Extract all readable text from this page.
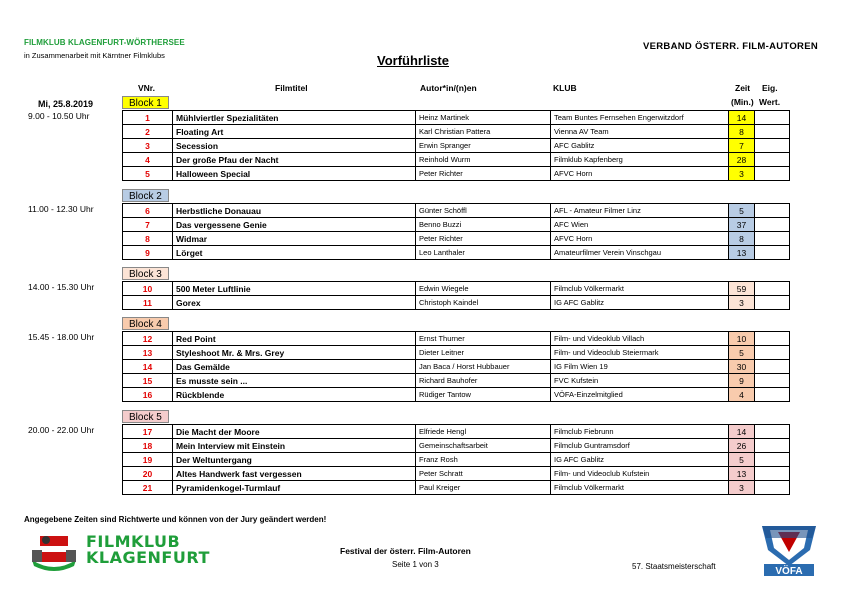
FILMKLUB KLAGENFURT-WÖRTHERSEE
in Zusammenarbeit mit Kärntner Filmklubs
VERBAND ÖSTERR. FILM-AUTOREN
Vorführliste
VNr.	Filmtitel	Autor*in/(n)en	KLUB	Zeit Eig.
(Min.) Wert.
Mi, 25.8.2019	Block 1
9.00 - 10.50 Uhr	1	Mühlviertler Spezialitäten	Heinz Martinek	Team Buntes Fernsehen Engerwitzdorf	14	
2	Floating Art	Karl Christian Pattera	Vienna AV Team	8	
3	Secession	Erwin Spranger	AFC Gablitz	7	
4	Der große Pfau der Nacht	Reinhold Wurm	Filmklub Kapfenberg	28	
5	Halloween Special	Peter Richter	AFVC Horn	3	
Block 2
11.00 - 12.30 Uhr	6	Herbstliche Donauau	Günter Schöffl	AFL - Amateur Filmer Linz	5	
7	Das vergessene Genie	Benno Buzzi	AFC Wien	37	
8	Widmar	Peter Richter	AFVC Horn	8	
9	Lörget	Leo Lanthaler	Amateurfilmer Verein Vinschgau	13	
Block 3
14.00 - 15.30 Uhr	10	500 Meter Luftlinie	Edwin Wiegele	Filmclub Völkermarkt	59	
11	Gorex	Christoph Kaindel	IG AFC Gablitz	3	
Block 4
15.45 - 18.00 Uhr	12	Red Point	Ernst Thurner	Film- und Videoklub Villach	10	
13	Styleshoot Mr. & Mrs. Grey	Dieter Leitner	Film- und Videoclub Steiermark	5	
14	Das Gemälde	Jan Baca / Horst Hubbauer	IG Film Wien 19	30	
15	Es musste sein ...	Richard Bauhofer	FVC Kufstein	9	
16	Rückblende	Rüdiger Tantow	VÖFA-Einzelmitglied	4	
Block 5
20.00 - 22.00 Uhr	17	Die Macht der Moore	Elfriede Hengl	Filmclub Fiebrunn	14	
18	Mein Interview mit Einstein	Gemeinschaftsarbeit	Filmclub Guntramsdorf	26	
19	Der Weltuntergang	Franz Rosh	IG AFC Gablitz	5	
20	Altes Handwerk fast vergessen	Peter Schratt	Film- und Videoclub Kufstein	13	
21	Pyramidenkogel-Turmlauf	Paul Kreiger	Filmclub Völkermarkt	3	
Angegebene Zeiten sind Richtwerte und können von der Jury geändert werden!
FILMKLUB
KLAGENFURT	Festival der österr. Film-Autoren
Seite 1 von 3	57. Staatsmeisterschaft	VÖFA
